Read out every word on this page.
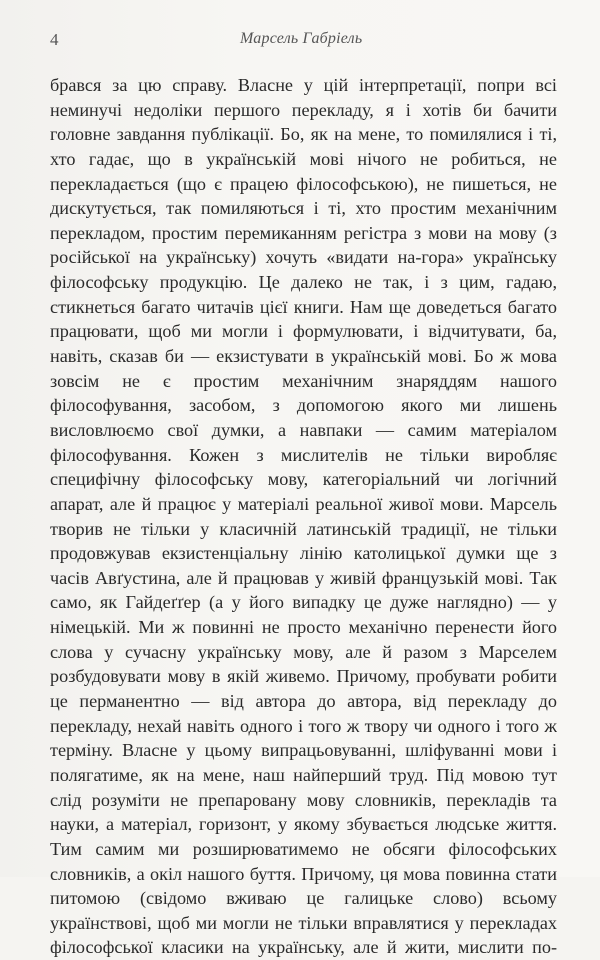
4	Марсель Габріель
брався за цю справу. Власне у цій інтерпретації, попри всі
неминучі недоліки першого перекладу, я і хотів би бачити
головне завдання публікації. Бо, як на мене, то помилялися і ті,
хто гадає, що в українській мові нічого не робиться, не
перекладається (що є працею філософською), не пишеться, не
дискутується, так помиляються і ті, хто простим механічним
перекладом, простим перемиканням регістра з мови на мову (з
російської на українську) хочуть «видати на-гора» українську
філософську продукцію. Це далеко не так, і з цим, гадаю,
стикнеться багато читачів цієї книги. Нам ще доведеться багато
працювати, щоб ми могли і формулювати, і відчитувати, ба,
навіть, сказав би — екзистувати в українській мові. Бо ж мова
зовсім не є простим механічним знаряддям нашого
філософування, засобом, з допомогою якого ми лишень
висловлюємо свої думки, а навпаки — самим матеріалом
філософування. Кожен з мислителів не тільки виробляє
специфічну філософську мову, категоріальний чи логічний
апарат, але й працює у матеріалі реальної живої мови. Марсель
творив не тільки у класичній латинській традиції, не тільки
продовжував екзистенціальну лінію католицької думки ще з
часів Авґустина, але й працював у живій французькій мові. Так
само, як Гайдеґґер (а у його випадку це дуже наглядно) — у
німецькій. Ми ж повинні не просто механічно перенести його
слова у сучасну українську мову, але й разом з Марселем
розбудовувати мову в якій живемо. Причому, пробувати робити
це перманентно — від автора до автора, від перекладу до
перекладу, нехай навіть одного і того ж твору чи одного і того ж
терміну. Власне у цьому випрацьовуванні, шліфуванні мови і
полягатиме, як на мене, наш найперший труд. Під мовою тут
слід розуміти не препаровану мову словників, перекладів та
науки, а матеріал, горизонт, у якому збувається людське життя.
Тим самим ми розширюватимемо не обсяги філософських
словників, а окіл нашого буття. Причому, ця мова повинна стати
питомою (свідомо вживаю це галицьке слово) всьому
українствові, щоб ми могли не тільки вправлятися у перекладах
філософської класики на українську, але й жити, мислити по-
